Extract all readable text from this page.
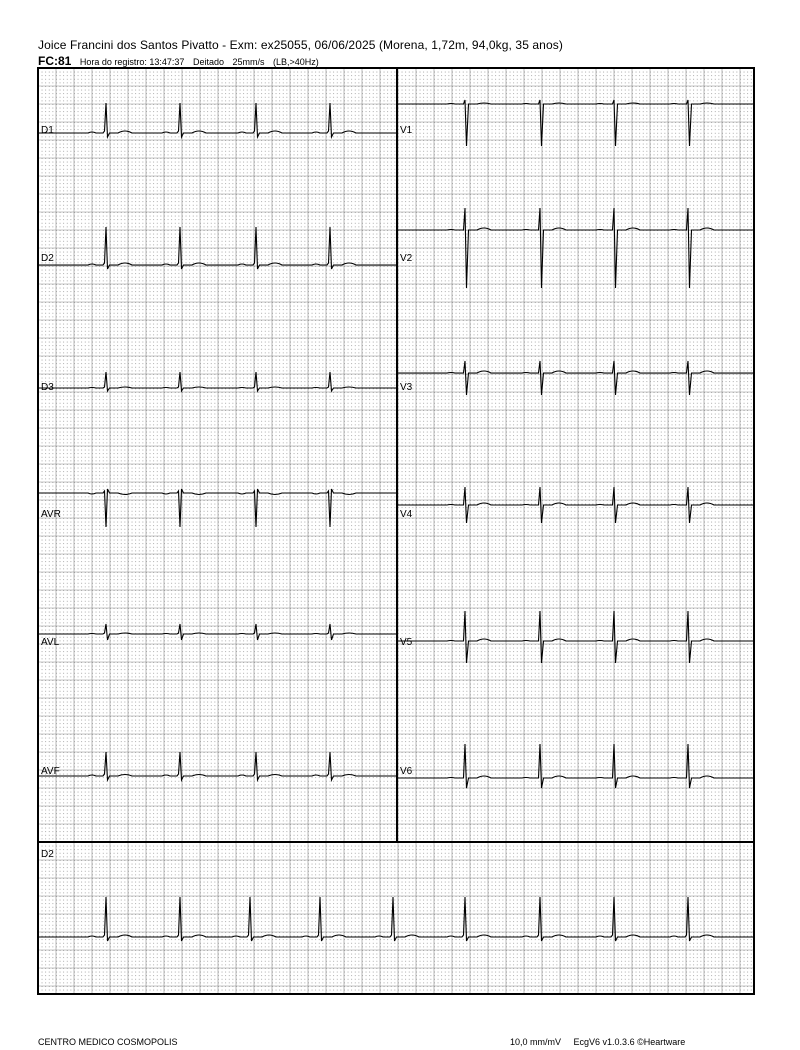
Joice Francini dos Santos Pivatto - Exm: ex25055, 06/06/2025 (Morena, 1,72m, 94,0kg, 35 anos)
FC:81 Hora do registro: 13:47:37 Deitado 25mm/s (LB,>40Hz)
D1
D2
D3
AVR
AVL
AVF
V1
V2
V3
V4
V5
V6
D2
CENTRO MEDICO COSMOPOLIS	10,0 mm/mV EcgV6 v1.0.3.6 ©Heartware
